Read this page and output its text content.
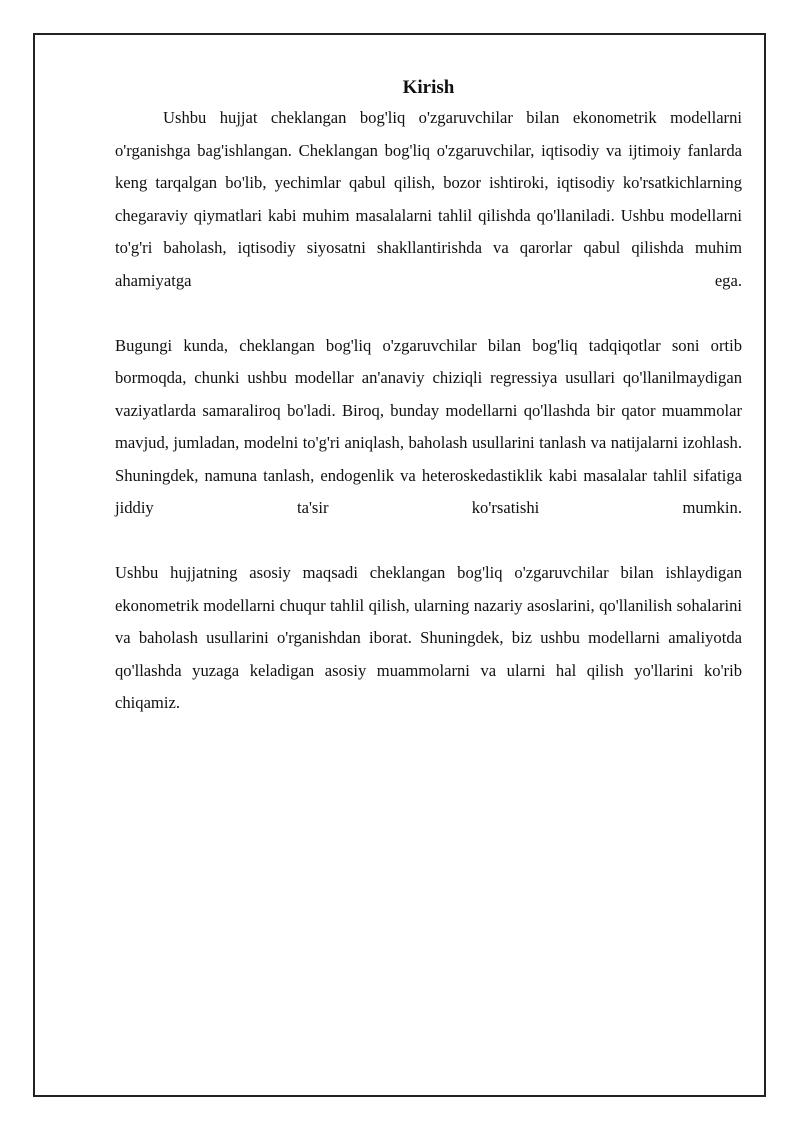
Kirish

Ushbu hujjat cheklangan bog'liq o'zgaruvchilar bilan ekonometrik modellarni o'rganishga bag'ishlangan. Cheklangan bog'liq o'zgaruvchilar, iqtisodiy va ijtimoiy fanlarda keng tarqalgan bo'lib, yechimlar qabul qilish, bozor ishtiroki, iqtisodiy ko'rsatkichlarning chegaraviy qiymatlari kabi muhim masalalarni tahlil qilishda qo'llaniladi. Ushbu modellarni to'g'ri baholash, iqtisodiy siyosatni shakllantirishda va qarorlar qabul qilishda muhim ahamiyatga ega.

Bugungi kunda, cheklangan bog'liq o'zgaruvchilar bilan bog'liq tadqiqotlar soni ortib bormoqda, chunki ushbu modellar an'anaviy chiziqli regressiya usullari qo'llanilmaydigan vaziyatlarda samaraliroq bo'ladi. Biroq, bunday modellarni qo'llashda bir qator muammolar mavjud, jumladan, modelni to'g'ri aniqlash, baholash usullarini tanlash va natijalarni izohlash. Shuningdek, namuna tanlash, endogenlik va heteroskedastiklik kabi masalalar tahlil sifatiga jiddiy ta'sir ko'rsatishi mumkin.

Ushbu hujjatning asosiy maqsadi cheklangan bog'liq o'zgaruvchilar bilan ishlaydigan ekonometrik modellarni chuqur tahlil qilish, ularning nazariy asoslarini, qo'llanilish sohalarini va baholash usullarini o'rganishdan iborat. Shuningdek, biz ushbu modellarni amaliyotda qo'llashda yuzaga keladigan asosiy muammolarni va ularni hal qilish yo'llarini ko'rib chiqamiz.
